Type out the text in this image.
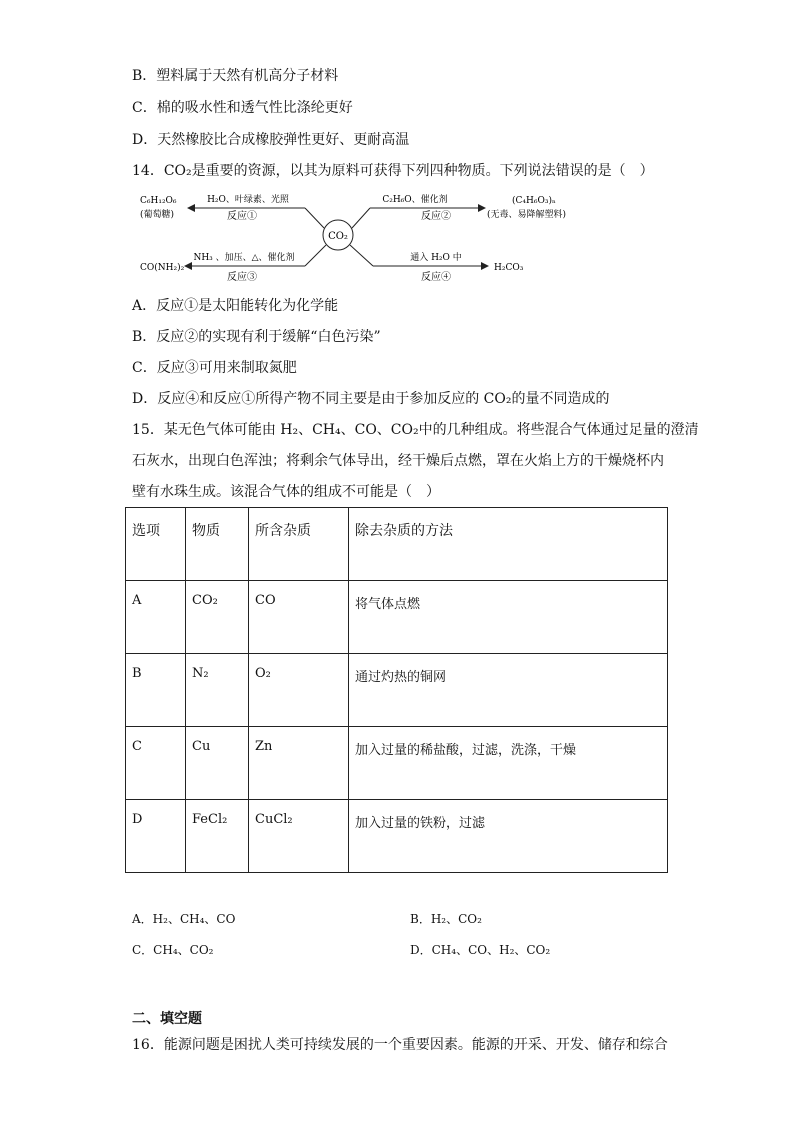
B．塑料属于天然有机高分子材料
C．棉的吸水性和透气性比涤纶更好
D．天然橡胶比合成橡胶弹性更好、更耐高温
14．CO₂是重要的资源，以其为原料可获得下列四种物质。下列说法错误的是（　）
CO₂
C₆H₁₂O₆
(葡萄糖)
H₂O、叶绿素、光照
反应①
(C₄H₆O₃)ₙ
(无毒、易降解塑料)
C₂H₆O、催化剂
反应②
CO(NH₂)₂
NH₃ 、加压、△、催化剂
反应③
H₂CO₃
通入 H₂O 中
反应④
A．反应①是太阳能转化为化学能
B．反应②的实现有利于缓解“白色污染”
C．反应③可用来制取氮肥
D．反应④和反应①所得产物不同主要是由于参加反应的 CO₂的量不同造成的
15．某无色气体可能由 H₂、CH₄、CO、CO₂中的几种组成。将些混合气体通过足量的澄清
石灰水，出现白色浑浊；将剩余气体导出，经干燥后点燃，罩在火焰上方的干燥烧杯内
壁有水珠生成。该混合气体的组成不可能是（　）
选项	物质	所含杂质	除去杂质的方法
A	CO₂	CO	将气体点燃
B	N₂	O₂	通过灼热的铜网
C	Cu	Zn	加入过量的稀盐酸，过滤，洗涤，干燥
D	FeCl₂	CuCl₂	加入过量的铁粉，过滤
A．H₂、CH₄、CO	B．H₂、CO₂
C．CH₄、CO₂	D．CH₄、CO、H₂、CO₂
二、填空题
16．能源问题是困扰人类可持续发展的一个重要因素。能源的开采、开发、储存和综合
